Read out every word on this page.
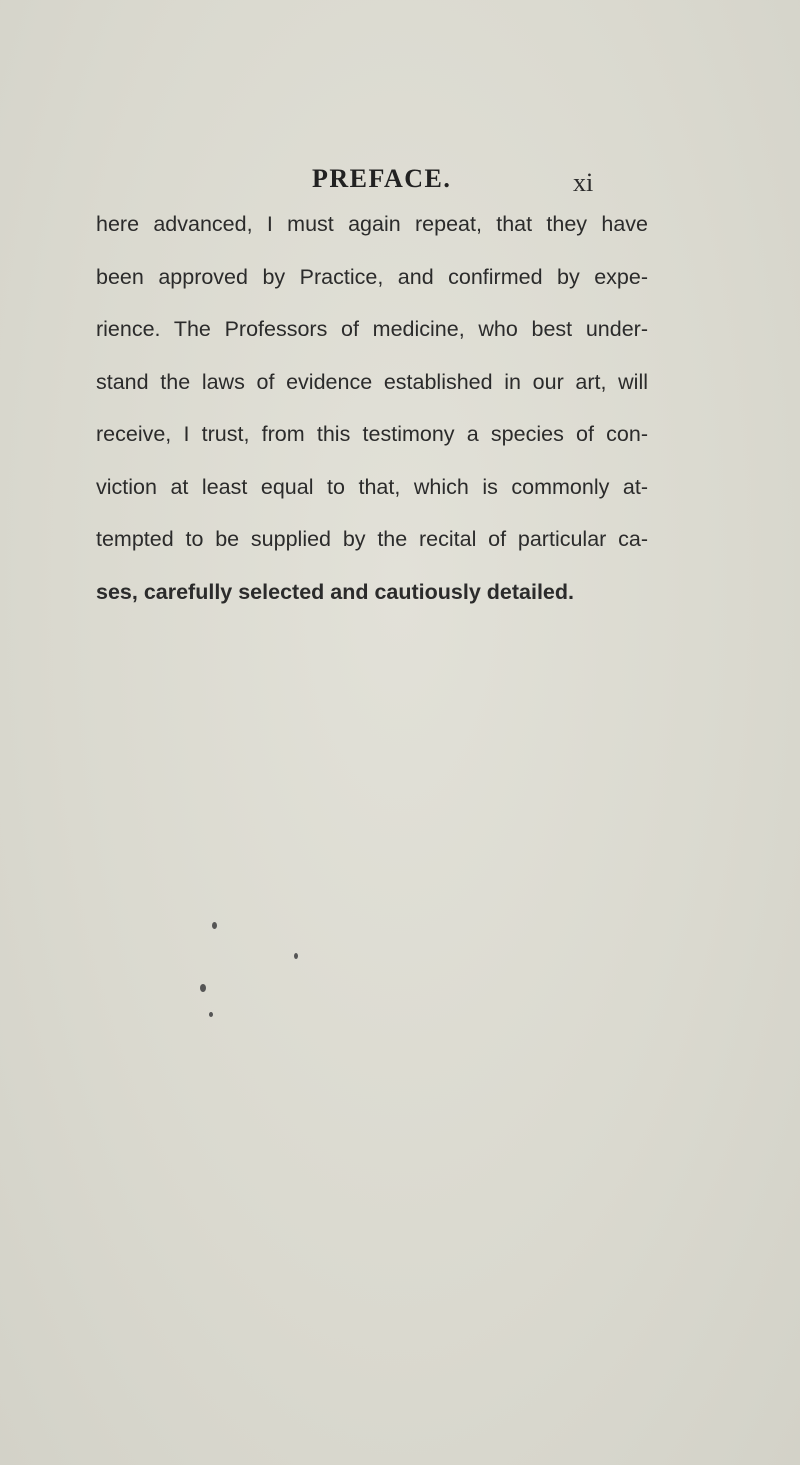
PREFACE.	xi
here advanced, I must again repeat, that they have
been approved by Practice, and confirmed by expe-
rience. The Professors of medicine, who best under-
stand the laws of evidence established in our art, will
receive, I trust, from this testimony a species of con-
viction at least equal to that, which is commonly at-
tempted to be supplied by the recital of particular ca-
ses, carefully selected and cautiously detailed.
